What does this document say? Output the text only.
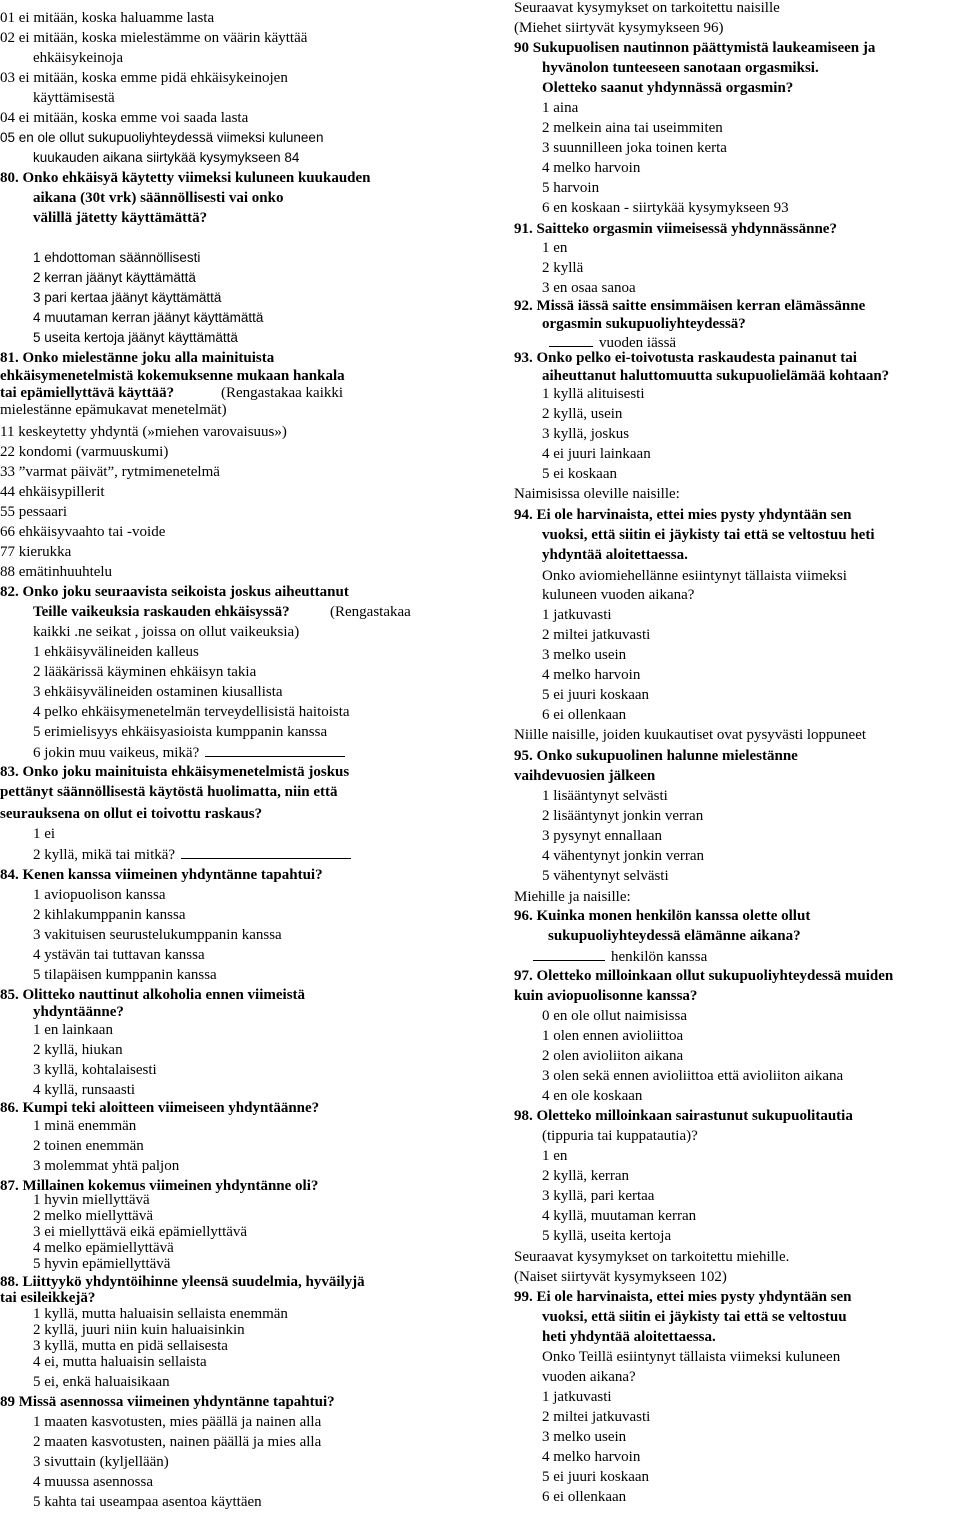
01 ei mitään, koska haluamme lasta
02 ei mitään, koska mielestämme on väärin käyttää
ehkäisykeinoja
03 ei mitään, koska emme pidä ehkäisykeinojen
käyttämisestä
04 ei mitään, koska emme voi saada lasta
05 en ole ollut sukupuoliyhteydessä viimeksi kuluneen
kuukauden aikana siirtykää kysymykseen 84
80. Onko ehkäisyä käytetty viimeksi kuluneen kuukauden
aikana (30t vrk) säännöllisesti vai onko
välillä jätetty käyttämättä?
1 ehdottoman säännöllisesti
2 kerran jäänyt käyttämättä
3 pari kertaa jäänyt käyttämättä
4 muutaman kerran jäänyt käyttämättä
5 useita kertoja jäänyt käyttämättä
81. Onko mielestänne joku alla mainituista
ehkäisymenetelmistä kokemuksenne mukaan hankala
tai epämiellyttävä käyttää?	(Rengastakaa kaikki
mielestänne epämukavat menetelmät)
11 keskeytetty yhdyntä (»miehen varovaisuus»)
22 kondomi (varmuuskumi)
33 ”varmat päivät”, rytmimenetelmä
44 ehkäisypillerit
55 pessaari
66 ehkäisyvaahto tai -voide
77 kierukka
88 emätinhuuhtelu
82. Onko joku seuraavista seikoista joskus aiheuttanut
Teille vaikeuksia raskauden ehkäisyssä?	(Rengastakaa
kaikki .ne seikat , joissa on ollut vaikeuksia)
1 ehkäisyvälineiden kalleus
2 lääkärissä käyminen ehkäisyn takia
3 ehkäisyvälineiden ostaminen kiusallista
4 pelko ehkäisymenetelmän terveydellisistä haitoista
5 erimielisyys ehkäisyasioista kumppanin kanssa
6 jokin muu vaikeus, mikä?
83. Onko joku mainituista ehkäisymenetelmistä joskus
pettänyt säännöllisestä käytöstä huolimatta, niin että
seurauksena on ollut ei toivottu raskaus?
1 ei
2 kyllä, mikä tai mitkä?
84. Kenen kanssa viimeinen yhdyntänne tapahtui?
1 aviopuolison kanssa
2 kihlakumppanin kanssa
3 vakituisen seurustelukumppanin kanssa
4 ystävän tai tuttavan kanssa
5 tilapäisen kumppanin kanssa
85. Olitteko nauttinut alkoholia ennen viimeistä
yhdyntäänne?
1 en lainkaan
2 kyllä, hiukan
3 kyllä, kohtalaisesti
4 kyllä, runsaasti
86. Kumpi teki aloitteen viimeiseen yhdyntäänne?
1 minä enemmän
2 toinen enemmän
3 molemmat yhtä paljon
87. Millainen kokemus viimeinen yhdyntänne oli?
1 hyvin miellyttävä
2 melko miellyttävä
3 ei miellyttävä eikä epämiellyttävä
4 melko epämiellyttävä
5 hyvin epämiellyttävä
88. Liittyykö yhdyntöihinne yleensä suudelmia, hyväilyjä
tai esileikkejä?
1 kyllä, mutta haluaisin sellaista enemmän
2 kyllä, juuri niin kuin haluaisinkin
3 kyllä, mutta en pidä sellaisesta
4 ei, mutta haluaisin sellaista
5 ei, enkä haluaisikaan
89 Missä asennossa viimeinen yhdyntänne tapahtui?
1 maaten kasvotusten, mies päällä ja nainen alla
2 maaten kasvotusten, nainen päällä ja mies alla
3 sivuttain (kyljellään)
4 muussa asennossa
5 kahta tai useampaa asentoa käyttäen
Seuraavat kysymykset on tarkoitettu naisille
(Miehet siirtyvät kysymykseen 96)
90 Sukupuolisen nautinnon päättymistä laukeamiseen ja
hyvänolon tunteeseen sanotaan orgasmiksi.
Oletteko saanut yhdynnässä orgasmin?
1 aina
2 melkein aina tai useimmiten
3 suunnilleen joka toinen kerta
4 melko harvoin
5 harvoin
6 en koskaan - siirtykää kysymykseen 93
91. Saitteko orgasmin viimeisessä yhdynnässänne?
1 en
2 kyllä
3 en osaa sanoa
92. Missä iässä saitte ensimmäisen kerran elämässänne
orgasmin sukupuoliyhteydessä?
vuoden iässä
93. Onko pelko ei-toivotusta raskaudesta painanut tai
aiheuttanut haluttomuutta sukupuolielämää kohtaan?
1 kyllä alituisesti
2 kyllä, usein
3 kyllä, joskus
4 ei juuri lainkaan
5 ei koskaan
Naimisissa oleville naisille:
94. Ei ole harvinaista, ettei mies pysty yhdyntään sen
vuoksi, että siitin ei jäykisty tai että se veltostuu heti
yhdyntää aloitettaessa.
Onko aviomiehellänne esiintynyt tällaista viimeksi
kuluneen vuoden aikana?
1 jatkuvasti
2 miltei jatkuvasti
3 melko usein
4 melko harvoin
5 ei juuri koskaan
6 ei ollenkaan
Niille naisille, joiden kuukautiset ovat pysyvästi loppuneet
95. Onko sukupuolinen halunne mielestänne
vaihdevuosien jälkeen
1 lisääntynyt selvästi
2 lisääntynyt jonkin verran
3 pysynyt ennallaan
4 vähentynyt jonkin verran
5 vähentynyt selvästi
Miehille ja naisille:
96. Kuinka monen henkilön kanssa olette ollut
sukupuoliyhteydessä elämänne aikana?
henkilön kanssa
97. Oletteko milloinkaan ollut sukupuoliyhteydessä muiden
kuin aviopuolisonne kanssa?
0 en ole ollut naimisissa
1 olen ennen avioliittoa
2 olen avioliiton aikana
3 olen sekä ennen avioliittoa että avioliiton aikana
4 en ole koskaan
98. Oletteko milloinkaan sairastunut sukupuolitautia
(tippuria tai kuppatautia)?
1 en
2 kyllä, kerran
3 kyllä, pari kertaa
4 kyllä, muutaman kerran
5 kyllä, useita kertoja
Seuraavat kysymykset on tarkoitettu miehille.
(Naiset siirtyvät kysymykseen 102)
99. Ei ole harvinaista, ettei mies pysty yhdyntään sen
vuoksi, että siitin ei jäykisty tai että se veltostuu
heti yhdyntää aloitettaessa.
Onko Teillä esiintynyt tällaista viimeksi kuluneen
vuoden aikana?
1 jatkuvasti
2 miltei jatkuvasti
3 melko usein
4 melko harvoin
5 ei juuri koskaan
6 ei ollenkaan
